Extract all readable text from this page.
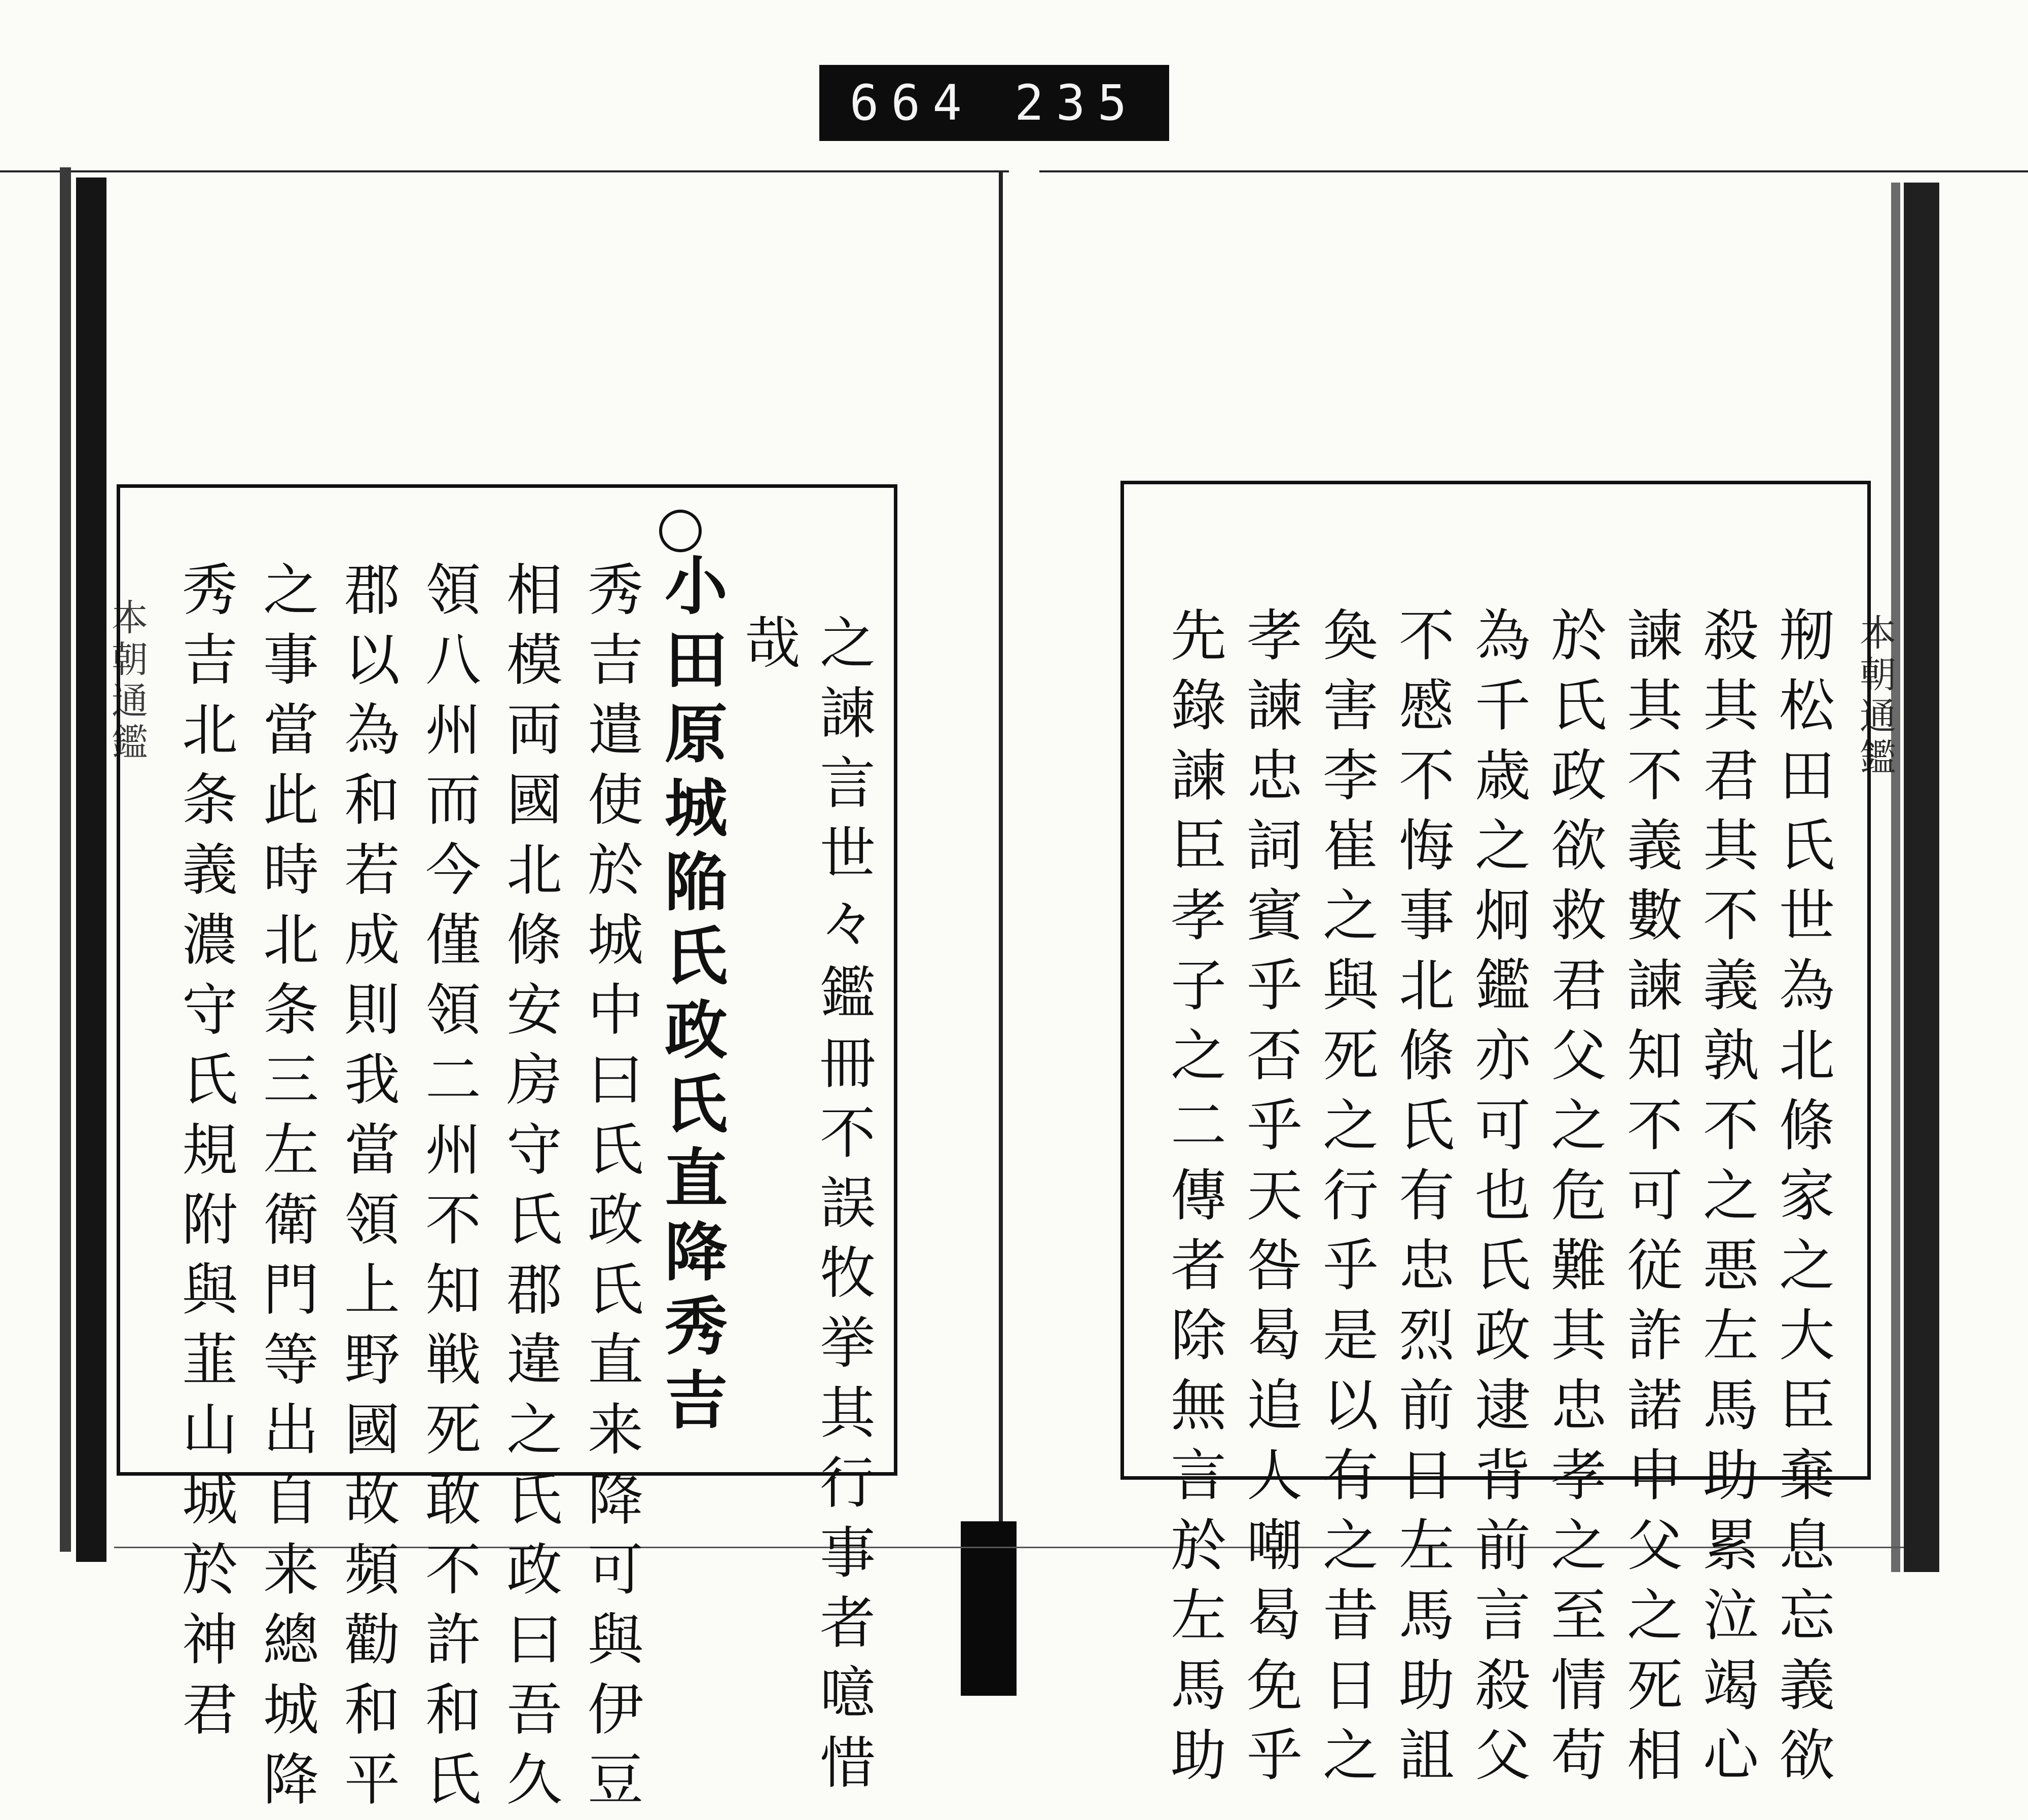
664 235
本朝通鑑	本朝通鑑
之諫言世々鑑冊不誤牧挙其行事者噫惜
哉
小田原城陥氏政氏直降秀吉
秀吉遣使於城中曰氏政氏直来降可與伊豆
相模両國北條安房守氏郡違之氏政曰吾久
領八州而今僅領二州不知戦死敢不許和氏
郡以為和若成則我當領上野國故頻勸和平
之事當此時北条三左衛門等出自来總城降
秀吉北条義濃守氏規附與韮山城於神君	剏松田氏世為北條家之大臣棄息忘義欲
殺其君其不義孰不之悪左馬助累泣竭心
諫其不義數諫知不可従詐諾申父之死相
於氏政欲救君父之危難其忠孝之至情苟
為千歳之炯鑑亦可也氏政逮背前言殺父
不慼不悔事北條氏有忠烈前日左馬助詛
奐害李崔之與死之行乎是以有之昔日之
孝諫忠詞賓乎否乎天咎曷追人嘲曷免乎
先錄諫臣孝子之二傳者除無言於左馬助
